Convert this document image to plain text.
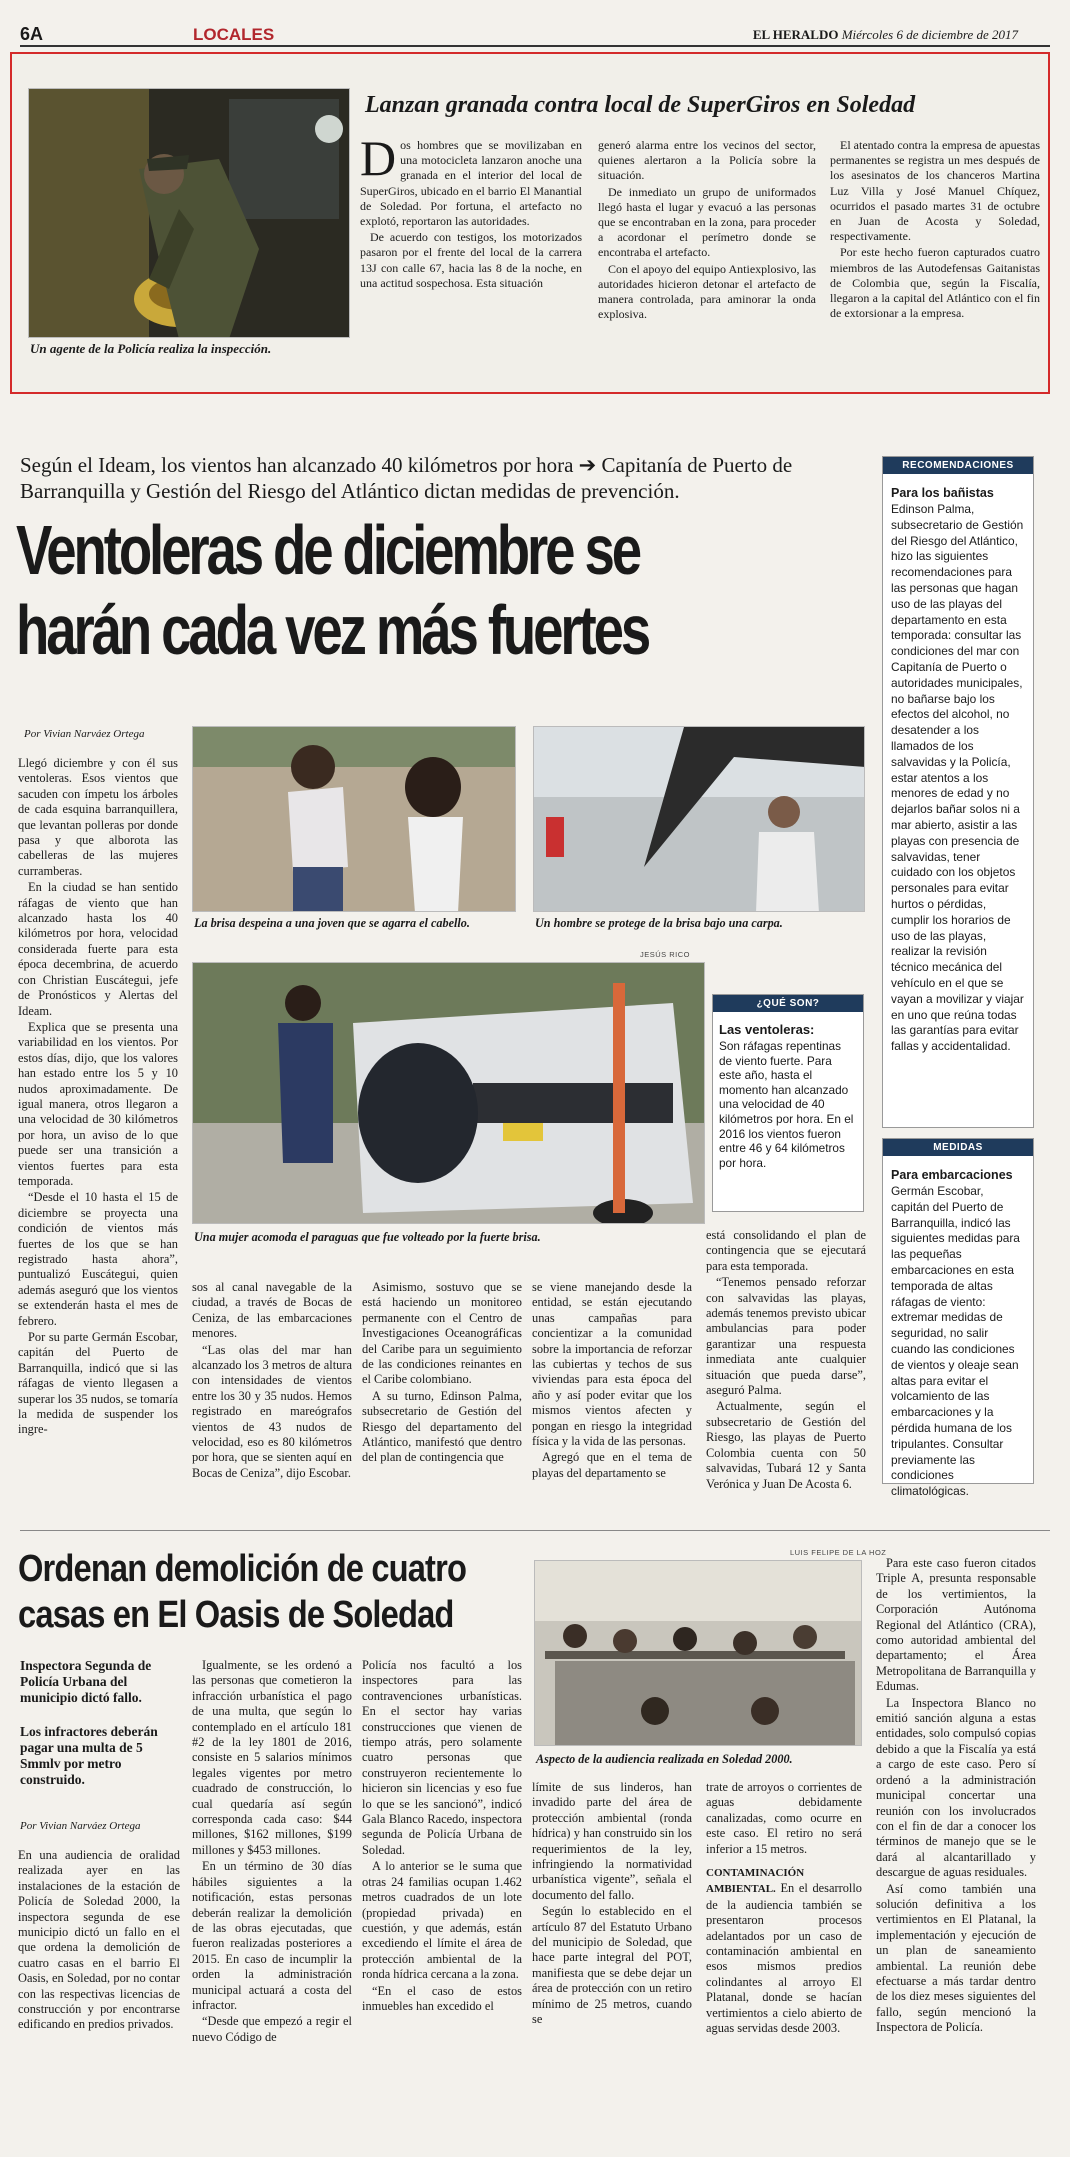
6A	LOCALES	EL HERALDO Miércoles 6 de diciembre de 2017
Un agente de la Policía realiza la inspección.
Lanzan granada contra local de SuperGiros en Soledad

Dos hombres que se movilizaban en una motocicleta lanzaron anoche una granada en el interior del local de SuperGiros, ubicado en el barrio El Manantial de Soledad. Por fortuna, el artefacto no explotó, reportaron las autoridades.

De acuerdo con testigos, los motorizados pasaron por el frente del local de la carrera 13J con calle 67, hacia las 8 de la noche, en una actitud sospechosa. Esta situación

generó alarma entre los vecinos del sector, quienes alertaron a la Policía sobre la situación.

De inmediato un grupo de uniformados llegó hasta el lugar y evacuó a las personas que se encontraban en la zona, para proceder a acordonar el perímetro donde se encontraba el artefacto.

Con el apoyo del equipo Antiexplosivo, las autoridades hicieron detonar el artefacto de manera controlada, para aminorar la onda explosiva.

El atentado contra la empresa de apuestas permanentes se registra un mes después de los asesinatos de los chanceros Martina Luz Villa y José Manuel Chíquez, ocurridos el pasado martes 31 de octubre en Juan de Acosta y Soledad, respectivamente.

Por este hecho fueron capturados cuatro miembros de las Autodefensas Gaitanistas de Colombia que, según la Fiscalía, llegaron a la capital del Atlántico con el fin de extorsionar a la empresa.

Según el Ideam, los vientos han alcanzado 40 kilómetros por hora ➔ Capitanía de Puerto de Barranquilla y Gestión del Riesgo del Atlántico dictan medidas de prevención.
Ventoleras de diciembre se
harán cada vez más fuertes
Por Vivian Narváez Ortega

Llegó diciembre y con él sus ventoleras. Esos vientos que sacuden con ímpetu los árboles de cada esquina barranquillera, que levantan polleras por donde pasa y que alborota las cabelleras de las mujeres curramberas.

En la ciudad se han sentido ráfagas de viento que han alcanzado hasta los 40 kilómetros por hora, velocidad considerada fuerte para esta época decembrina, de acuerdo con Christian Euscátegui, jefe de Pronósticos y Alertas del Ideam.

Explica que se presenta una variabilidad en los vientos. Por estos días, dijo, que los valores han estado entre los 5 y 10 nudos aproximadamente. De igual manera, otros llegaron a una velocidad de 30 kilómetros por hora, un aviso de lo que puede ser una transición a vientos fuertes para esta temporada.

“Desde el 10 hasta el 15 de diciembre se proyecta una condición de vientos más fuertes de los que se han registrado hasta ahora”, puntualizó Euscátegui, quien además aseguró que los vientos se extenderán hasta el mes de febrero.

Por su parte Germán Escobar, capitán del Puerto de Barranquilla, indicó que si las ráfagas de viento llegasen a superar los 35 nudos, se tomaría la medida de suspender los ingre-

La brisa despeina a una joven que se agarra el cabello.	Un hombre se protege de la brisa bajo una carpa.
JESÚS RICO
Una mujer acomoda el paraguas que fue volteado por la fuerte brisa.
¿QUÉ SON?
Las ventoleras:
Son ráfagas repentinas de viento fuerte. Para este año, hasta el momento han alcanzado una velocidad de 40 kilómetros por hora. En el 2016 los vientos fueron entre 46 y 64 kilómetros por hora.

sos al canal navegable de la ciudad, a través de Bocas de Ceniza, de las embarcaciones menores.

“Las olas del mar han alcanzado los 3 metros de altura con intensidades de vientos entre los 30 y 35 nudos. Hemos registrado en mareógrafos vientos de 43 nudos de velocidad, eso es 80 kilómetros por hora, que se sienten aquí en Bocas de Ceniza”, dijo Escobar.

Asimismo, sostuvo que se está haciendo un monitoreo permanente con el Centro de Investigaciones Oceanográficas del Caribe para un seguimiento de las condiciones reinantes en el Caribe colombiano.

A su turno, Edinson Palma, subsecretario de Gestión del Riesgo del departamento del Atlántico, manifestó que dentro del plan de contingencia que

se viene manejando desde la entidad, se están ejecutando unas campañas para concientizar a la comunidad sobre la importancia de reforzar las cubiertas y techos de sus viviendas para esta época del año y así poder evitar que los mismos vientos afecten y pongan en riesgo la integridad física y la vida de las personas.

Agregó que en el tema de playas del departamento se

está consolidando el plan de contingencia que se ejecutará para esta temporada.

“Tenemos pensado reforzar con salvavidas las playas, además tenemos previsto ubicar ambulancias para poder garantizar una respuesta inmediata ante cualquier situación que pueda darse”, aseguró Palma.

Actualmente, según el subsecretario de Gestión del Riesgo, las playas de Puerto Colombia cuenta con 50 salvavidas, Tubará 12 y Santa Verónica y Juan De Acosta 6.

RECOMENDACIONES
Para los bañistas
Edinson Palma, subsecretario de Gestión del Riesgo del Atlántico, hizo las siguientes recomendaciones para las personas que hagan uso de las playas del departamento en esta temporada: consultar las condiciones del mar con Capitanía de Puerto o autoridades municipales, no bañarse bajo los efectos del alcohol, no desatender a los llamados de los salvavidas y la Policía, estar atentos a los menores de edad y no dejarlos bañar solos ni a mar abierto, asistir a las playas con presencia de salvavidas, tener cuidado con los objetos personales para evitar hurtos o pérdidas, cumplir los horarios de uso de las playas, realizar la revisión técnico mecánica del vehículo en el que se vayan a movilizar y viajar en uno que reúna todas las garantías para evitar fallas y accidentalidad.
MEDIDAS
Para embarcaciones
Germán Escobar, capitán del Puerto de Barranquilla, indicó las siguientes medidas para las pequeñas embarcaciones en esta temporada de altas ráfagas de viento: extremar medidas de seguridad, no salir cuando las condiciones de vientos y oleaje sean altas para evitar el volcamiento de las embarcaciones y la pérdida humana de los tripulantes. Consultar previamente las condiciones climatológicas.
Ordenan demolición de cuatro
casas en El Oasis de Soledad
Inspectora Segunda de Policía Urbana del municipio dictó fallo.
Los infractores deberán pagar una multa de 5 Smmlv por metro construido.
Por Vivian Narváez Ortega

En una audiencia de oralidad realizada ayer en las instalaciones de la estación de Policía de Soledad 2000, la inspectora segunda de ese municipio dictó un fallo en el que ordena la demolición de cuatro casas en el barrio El Oasis, en Soledad, por no contar con las respectivas licencias de construcción y por encontrarse edificando en predios privados.

Igualmente, se les ordenó a las personas que cometieron la infracción urbanística el pago de una multa, que según lo contemplado en el artículo 181 #2 de la ley 1801 de 2016, consiste en 5 salarios mínimos legales vigentes por metro cuadrado de construcción, lo cual quedaría así según corresponda cada caso: $44 millones, $162 millones, $199 millones y $453 millones.

En un término de 30 días hábiles siguientes a la notificación, estas personas deberán realizar la demolición de las obras ejecutadas, que fueron realizadas posteriores a 2015. En caso de incumplir la orden la administración municipal actuará a costa del infractor.

“Desde que empezó a regir el nuevo Código de

Policía nos facultó a los inspectores para las contravenciones urbanísticas. En el sector hay varias construcciones que vienen de tiempo atrás, pero solamente cuatro personas que construyeron recientemente lo hicieron sin licencias y eso fue lo que se les sancionó”, indicó Gala Blanco Racedo, inspectora segunda de Policía Urbana de Soledad.

A lo anterior se le suma que otras 24 familias ocupan 1.462 metros cuadrados de un lote (propiedad privada) en cuestión, y que además, están excediendo el límite el área de protección ambiental de la ronda hídrica cercana a la zona.

“En el caso de estos inmuebles han excedido el

LUIS FELIPE DE LA HOZ
Aspecto de la audiencia realizada en Soledad 2000.

límite de sus linderos, han invadido parte del área de protección ambiental (ronda hídrica) y han construido sin los requerimientos de la ley, infringiendo la normatividad urbanística vigente”, señala el documento del fallo.

Según lo establecido en el artículo 87 del Estatuto Urbano del municipio de Soledad, que hace parte integral del POT, manifiesta que se debe dejar un área de protección con un retiro mínimo de 25 metros, cuando se

trate de arroyos o corrientes de aguas debidamente canalizadas, como ocurre en este caso. El retiro no será inferior a 15 metros.

CONTAMINACIÓN AMBIENTAL. En el desarrollo de la audiencia también se presentaron procesos adelantados por un caso de contaminación ambiental en esos mismos predios colindantes al arroyo El Platanal, donde se hacían vertimientos a cielo abierto de aguas servidas desde 2003.

Para este caso fueron citados Triple A, presunta responsable de los vertimientos, la Corporación Autónoma Regional del Atlántico (CRA), como autoridad ambiental del departamento; el Área Metropolitana de Barranquilla y Edumas.

La Inspectora Blanco no emitió sanción alguna a estas entidades, solo compulsó copias debido a que la Fiscalía ya está a cargo de este caso. Pero sí ordenó a la administración municipal concertar una reunión con los involucrados con el fin de dar a conocer los términos de manejo que se le dará al alcantarillado y descargue de aguas residuales.

Así como también una solución definitiva a los vertimientos en El Platanal, la implementación y ejecución de un plan de saneamiento ambiental. La reunión debe efectuarse a más tardar dentro de los diez meses siguientes del fallo, según mencionó la Inspectora de Policía.
